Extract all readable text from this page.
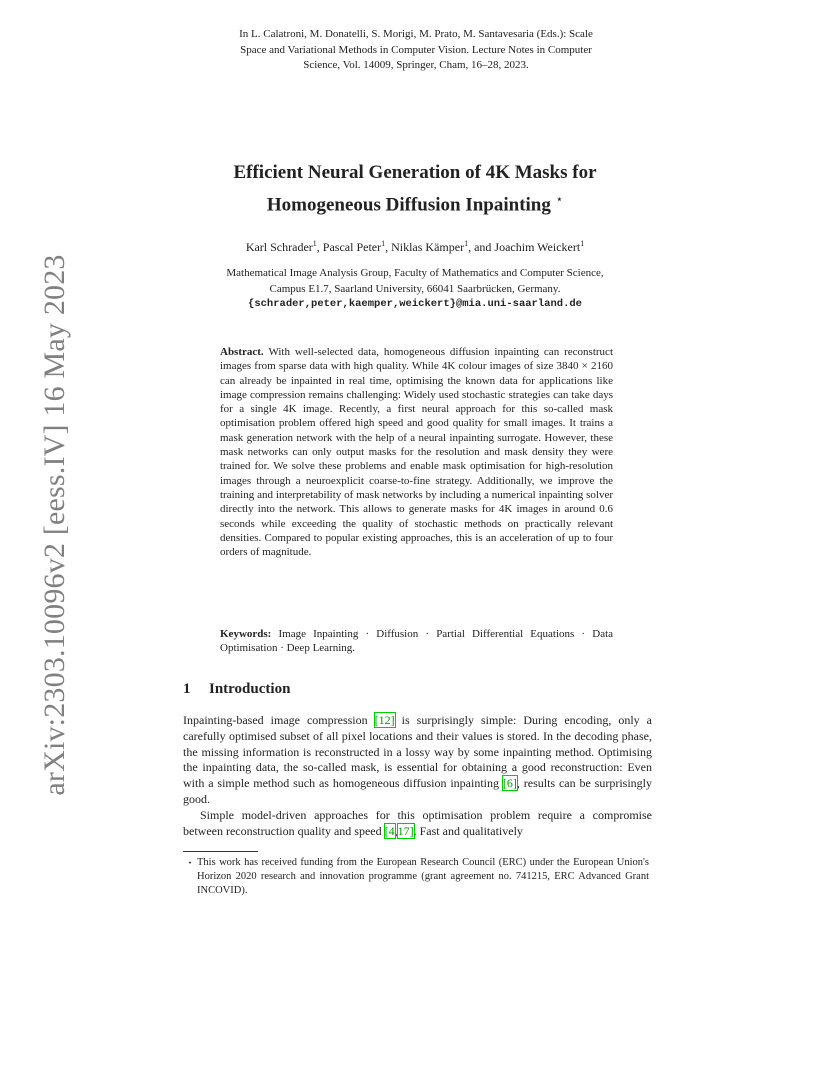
arXiv:2303.10096v2 [eess.IV] 16 May 2023
In L. Calatroni, M. Donatelli, S. Morigi, M. Prato, M. Santavesaria (Eds.): Scale
Space and Variational Methods in Computer Vision. Lecture Notes in Computer
Science, Vol. 14009, Springer, Cham, 16–28, 2023.
Efficient Neural Generation of 4K Masks for
Homogeneous Diffusion Inpainting ⋆
Karl Schrader$^1$, Pascal Peter$^1$, Niklas Kämper$^1$, and Joachim Weickert$^1$
Mathematical Image Analysis Group, Faculty of Mathematics and Computer Science,
Campus E1.7, Saarland University, 66041 Saarbrücken, Germany.
{schrader,peter,kaemper,weickert}@mia.uni-saarland.de
Abstract. With well-selected data, homogeneous diffusion inpainting can reconstruct images from sparse data with high quality. While 4K colour images of size 3840 × 2160 can already be inpainted in real time, optimising the known data for applications like image compression remains challenging: Widely used stochastic strategies can take days for a single 4K image. Recently, a first neural approach for this so-called mask optimisation problem offered high speed and good quality for small images. It trains a mask generation network with the help of a neural inpainting surrogate. However, these mask networks can only output masks for the resolution and mask density they were trained for. We solve these problems and enable mask optimisation for high-resolution images through a neuroexplicit coarse-to-fine strategy. Additionally, we improve the training and interpretability of mask networks by including a numerical inpainting solver directly into the network. This allows to generate masks for 4K images in around 0.6 seconds while exceeding the quality of stochastic methods on practically relevant densities. Compared to popular existing approaches, this is an acceleration of up to four orders of magnitude.
Keywords: Image Inpainting · Diffusion · Partial Differential Equations · Data Optimisation · Deep Learning.
1 Introduction

Inpainting-based image compression [12] is surprisingly simple: During encoding, only a carefully optimised subset of all pixel locations and their values is stored. In the decoding phase, the missing information is reconstructed in a lossy way by some inpainting method. Optimising the inpainting data, the so-called mask, is essential for obtaining a good reconstruction: Even with a simple method such as homogeneous diffusion inpainting [6], results can be surprisingly good.

Simple model-driven approaches for this optimisation problem require a compromise between reconstruction quality and speed [4,17]. Fast and qualitatively

⋆ This work has received funding from the European Research Council (ERC) under the European Union's Horizon 2020 research and innovation programme (grant agreement no. 741215, ERC Advanced Grant INCOVID).
